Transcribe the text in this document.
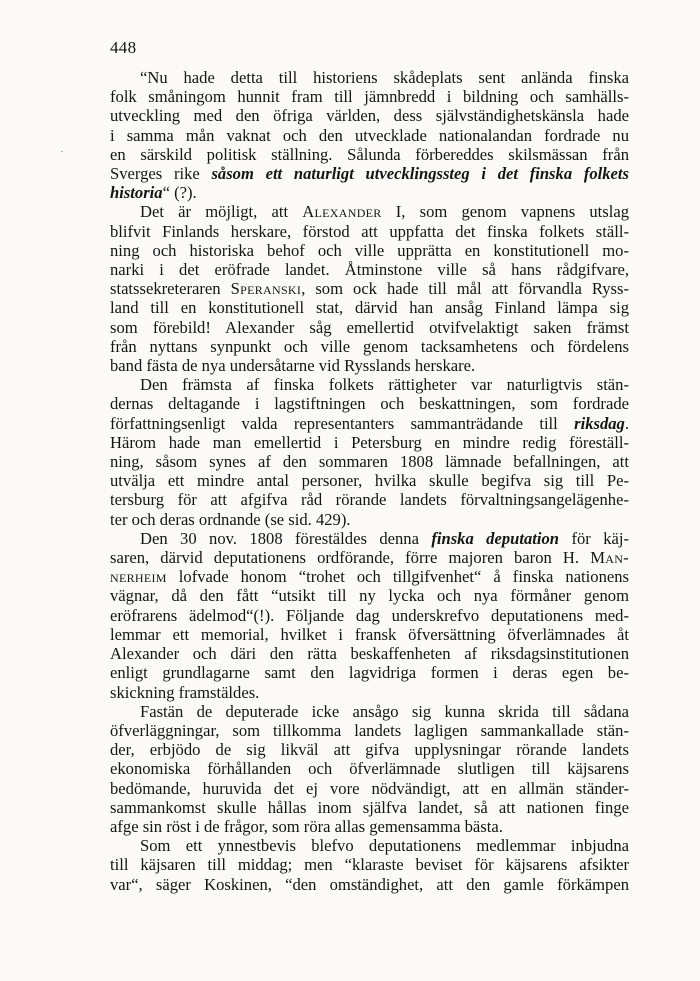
448
“Nu hade detta till historiens skådeplats sent anlända finska
folk småningom hunnit fram till jämnbredd i bildning och samhälls-
utveckling med den öfriga världen, dess självständighetskänsla hade
i samma mån vaknat och den utvecklade nationalandan fordrade nu
en särskild politisk ställning. Sålunda förbereddes skilsmässan från
Sverges rike såsom ett naturligt utvecklingssteg i det finska folkets
historia“ (?).
Det är möjligt, att Alexander I, som genom vapnens utslag
blifvit Finlands herskare, förstod att uppfatta det finska folkets ställ-
ning och historiska behof och ville upprätta en konstitutionell mo-
narki i det eröfrade landet. Åtminstone ville så hans rådgifvare,
statssekreteraren Speranski, som ock hade till mål att förvandla Ryss-
land till en konstitutionell stat, därvid han ansåg Finland lämpa sig
som förebild! Alexander såg emellertid otvifvelaktigt saken främst
från nyttans synpunkt och ville genom tacksamhetens och fördelens
band fästa de nya undersåtarne vid Rysslands herskare.
Den främsta af finska folkets rättigheter var naturligtvis stän-
dernas deltagande i lagstiftningen och beskattningen, som fordrade
författningsenligt valda representanters sammanträdande till riksdag.
Härom hade man emellertid i Petersburg en mindre redig föreställ-
ning, såsom synes af den sommaren 1808 lämnade befallningen, att
utvälja ett mindre antal personer, hvilka skulle begifva sig till Pe-
tersburg för att afgifva råd rörande landets förvaltningsangelägenhe-
ter och deras ordnande (se sid. 429).
Den 30 nov. 1808 förestäldes denna finska deputation för käj-
saren, därvid deputationens ordförande, förre majoren baron H. Man-
nerheim lofvade honom “trohet och tillgifvenhet“ å finska nationens
vägnar, då den fått “utsikt till ny lycka och nya förmåner genom
eröfrarens ädelmod“(!). Följande dag underskrefvo deputationens med-
lemmar ett memorial, hvilket i fransk öfversättning öfverlämnades åt
Alexander och däri den rätta beskaffenheten af riksdagsinstitutionen
enligt grundlagarne samt den lagvidriga formen i deras egen be-
skickning framstäldes.
Fastän de deputerade icke ansågo sig kunna skrida till sådana
öfverläggningar, som tillkomma landets lagligen sammankallade stän-
der, erbjödo de sig likväl att gifva upplysningar rörande landets
ekonomiska förhållanden och öfverlämnade slutligen till käjsarens
bedömande, huruvida det ej vore nödvändigt, att en allmän ständer-
sammankomst skulle hållas inom själfva landet, så att nationen finge
afge sin röst i de frågor, som röra allas gemensamma bästa.
Som ett ynnestbevis blefvo deputationens medlemmar inbjudna
till käjsaren till middag; men “klaraste beviset för käjsarens afsikter
var“, säger Koskinen, “den omständighet, att den gamle förkämpen
·
